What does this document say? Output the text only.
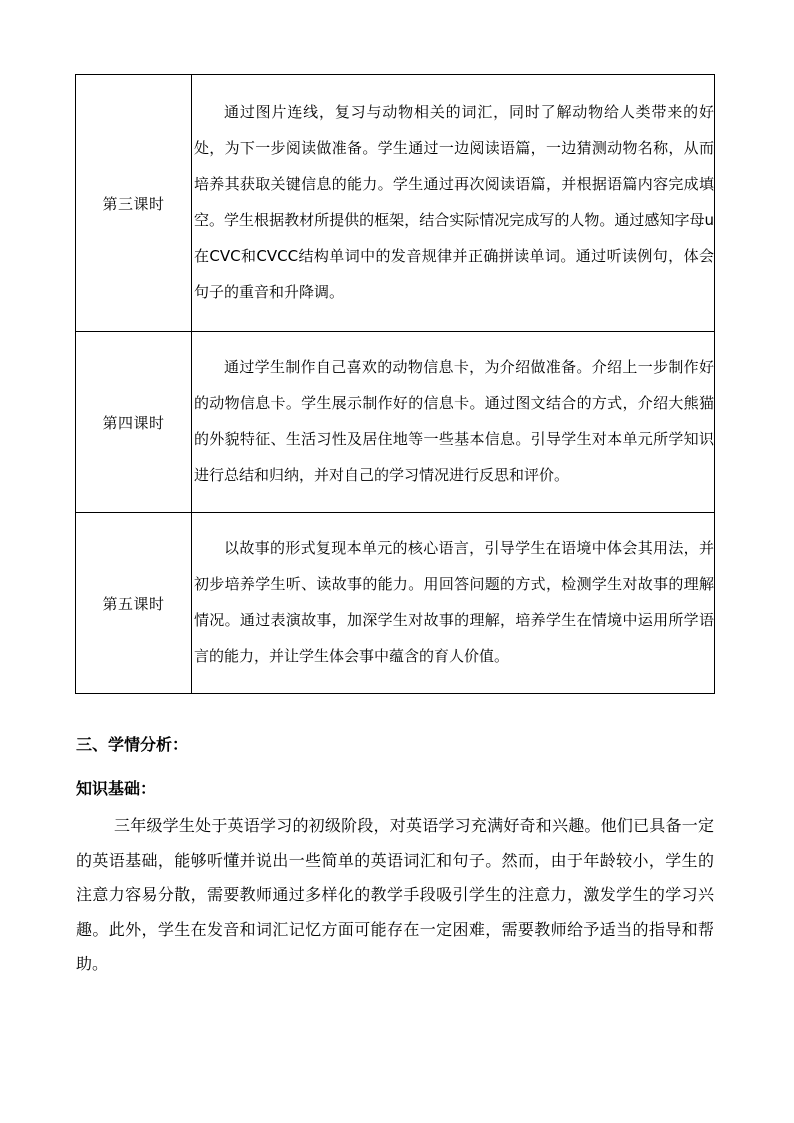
第三课时	通过图片连线，复习与动物相关的词汇，同时了解动物给人类带来的好处，为下一步阅读做准备。学生通过一边阅读语篇，一边猜测动物名称，从而培养其获取关键信息的能力。学生通过再次阅读语篇，并根据语篇内容完成填空。学生根据教材所提供的框架，结合实际情况完成写的人物。通过感知字母u在CVC和CVCC结构单词中的发音规律并正确拼读单词。通过听读例句，体会句子的重音和升降调。

第四课时	通过学生制作自己喜欢的动物信息卡，为介绍做准备。介绍上一步制作好的动物信息卡。学生展示制作好的信息卡。通过图文结合的方式，介绍大熊猫的外貌特征、生活习性及居住地等一些基本信息。引导学生对本单元所学知识进行总结和归纳，并对自己的学习情况进行反思和评价。

第五课时	以故事的形式复现本单元的核心语言，引导学生在语境中体会其用法，并初步培养学生听、读故事的能力。用回答问题的方式，检测学生对故事的理解情况。通过表演故事，加深学生对故事的理解，培养学生在情境中运用所学语言的能力，并让学生体会事中蕴含的育人价值。

三、学情分析：
知识基础：

三年级学生处于英语学习的初级阶段，对英语学习充满好奇和兴趣。他们已具备一定的英语基础，能够听懂并说出一些简单的英语词汇和句子。然而，由于年龄较小，学生的注意力容易分散，需要教师通过多样化的教学手段吸引学生的注意力，激发学生的学习兴趣。此外，学生在发音和词汇记忆方面可能存在一定困难，需要教师给予适当的指导和帮助。
